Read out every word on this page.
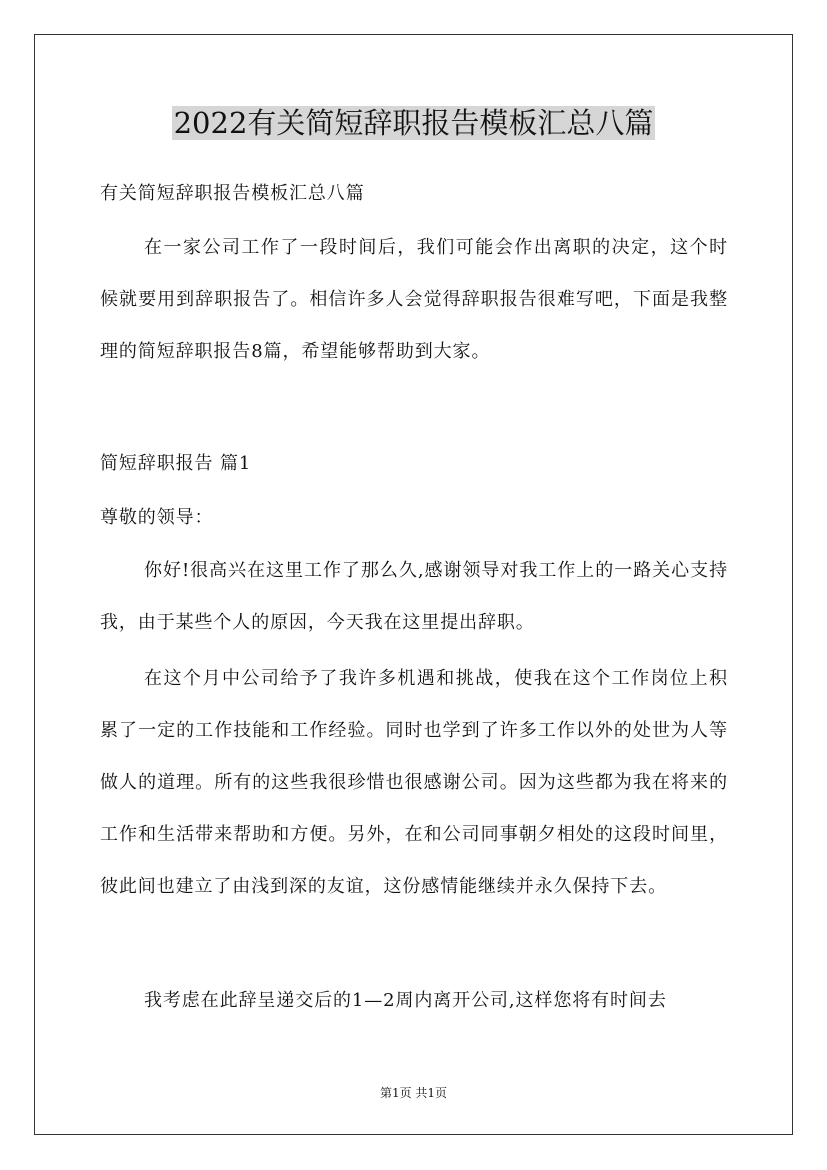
2022有关简短辞职报告模板汇总八篇

有关简短辞职报告模板汇总八篇

在一家公司工作了一段时间后，我们可能会作出离职的决定，这个时候就要用到辞职报告了。相信许多人会觉得辞职报告很难写吧，下面是我整理的简短辞职报告8篇，希望能够帮助到大家。

简短辞职报告 篇1

尊敬的领导：

你好!很高兴在这里工作了那么久,感谢领导对我工作上的一路关心支持我，由于某些个人的原因，今天我在这里提出辞职。

在这个月中公司给予了我许多机遇和挑战，使我在这个工作岗位上积累了一定的工作技能和工作经验。同时也学到了许多工作以外的处世为人等做人的道理。所有的这些我很珍惜也很感谢公司。因为这些都为我在将来的工作和生活带来帮助和方便。另外，在和公司同事朝夕相处的这段时间里，彼此间也建立了由浅到深的友谊，这份感情能继续并永久保持下去。

我考虑在此辞呈递交后的1—2周内离开公司,这样您将有时间去

第1页 共1页
